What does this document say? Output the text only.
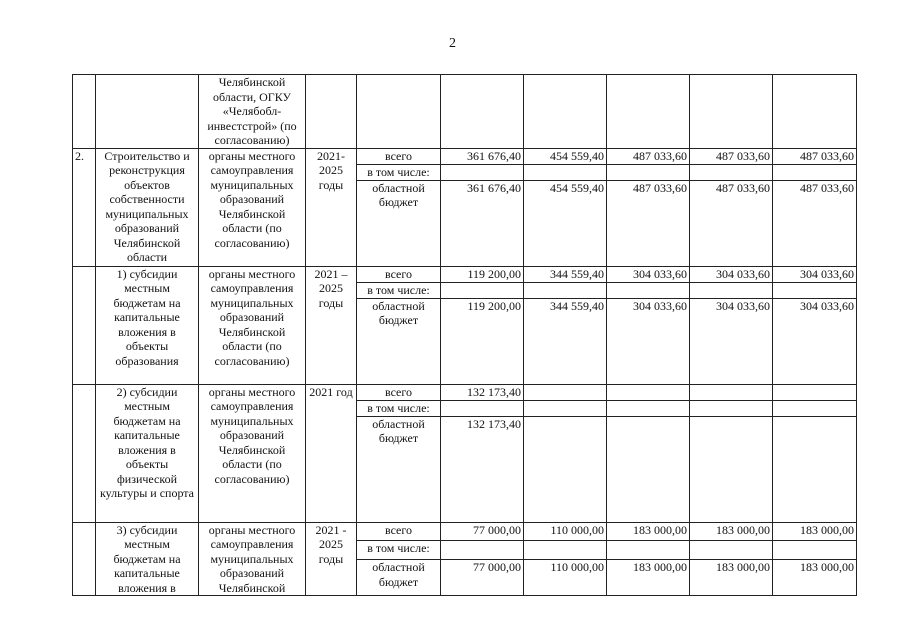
2
		Челябинской области, ОГКУ «Челябобл-инвестстрой» (по согласованию)							
2.	Строительство и реконструкция объектов собственности муниципальных образований Челябинской области	органы местного самоуправления муниципальных образований Челябинской области (по согласованию)	2021-2025 годы	всего	361 676,40	454 559,40	487 033,60	487 033,60	487 033,60
				в том числе:					
				областной бюджет	361 676,40	454 559,40	487 033,60	487 033,60	487 033,60
	1) субсидии местным бюджетам на капитальные вложения в объекты образования	органы местного самоуправления муниципальных образований Челябинской области (по согласованию)	2021 – 2025 годы	всего	119 200,00	344 559,40	304 033,60	304 033,60	304 033,60
				в том числе:					
				областной бюджет	119 200,00	344 559,40	304 033,60	304 033,60	304 033,60
	2) субсидии местным бюджетам на капитальные вложения в объекты физической культуры и спорта	органы местного самоуправления муниципальных образований Челябинской области (по согласованию)	2021 год	всего	132 173,40				
				в том числе:					
				областной бюджет	132 173,40				
	3) субсидии местным бюджетам на капитальные вложения в	органы местного самоуправления муниципальных образований Челябинской	2021 - 2025 годы	всего	77 000,00	110 000,00	183 000,00	183 000,00	183 000,00
				в том числе:					
				областной бюджет	77 000,00	110 000,00	183 000,00	183 000,00	183 000,00
